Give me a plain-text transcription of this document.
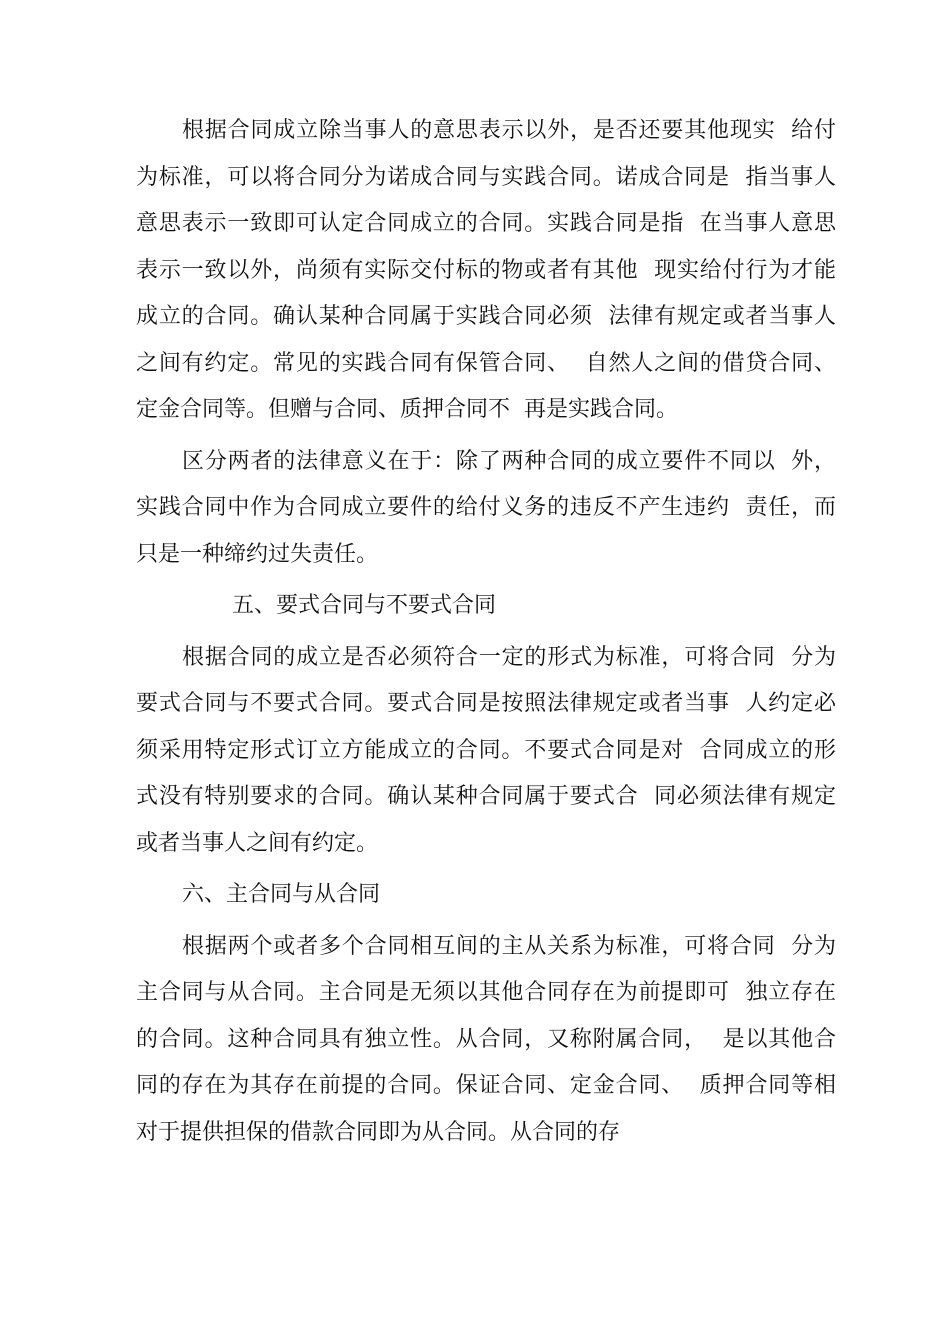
根据合同成立除当事人的意思表示以外，是否还要其他现实  给付
为标准，可以将合同分为诺成合同与实践合同。诺成合同是  指当事人
意思表示一致即可认定合同成立的合同。实践合同是指  在当事人意思
表示一致以外，尚须有实际交付标的物或者有其他  现实给付行为才能
成立的合同。确认某种合同属于实践合同必须  法律有规定或者当事人
之间有约定。常见的实践合同有保管合同、  自然人之间的借贷合同、
定金合同等。但赠与合同、质押合同不  再是实践合同。
区分两者的法律意义在于：除了两种合同的成立要件不同以  外，
实践合同中作为合同成立要件的给付义务的违反不产生违约  责任，而
只是一种缔约过失责任。
五、要式合同与不要式合同
根据合同的成立是否必须符合一定的形式为标准，可将合同  分为
要式合同与不要式合同。要式合同是按照法律规定或者当事  人约定必
须采用特定形式订立方能成立的合同。不要式合同是对  合同成立的形
式没有特别要求的合同。确认某种合同属于要式合  同必须法律有规定
或者当事人之间有约定。
六、主合同与从合同
根据两个或者多个合同相互间的主从关系为标准，可将合同  分为
主合同与从合同。主合同是无须以其他合同存在为前提即可  独立存在
的合同。这种合同具有独立性。从合同，又称附属合同，  是以其他合
同的存在为其存在前提的合同。保证合同、定金合同、  质押合同等相
对于提供担保的借款合同即为从合同。从合同的存
